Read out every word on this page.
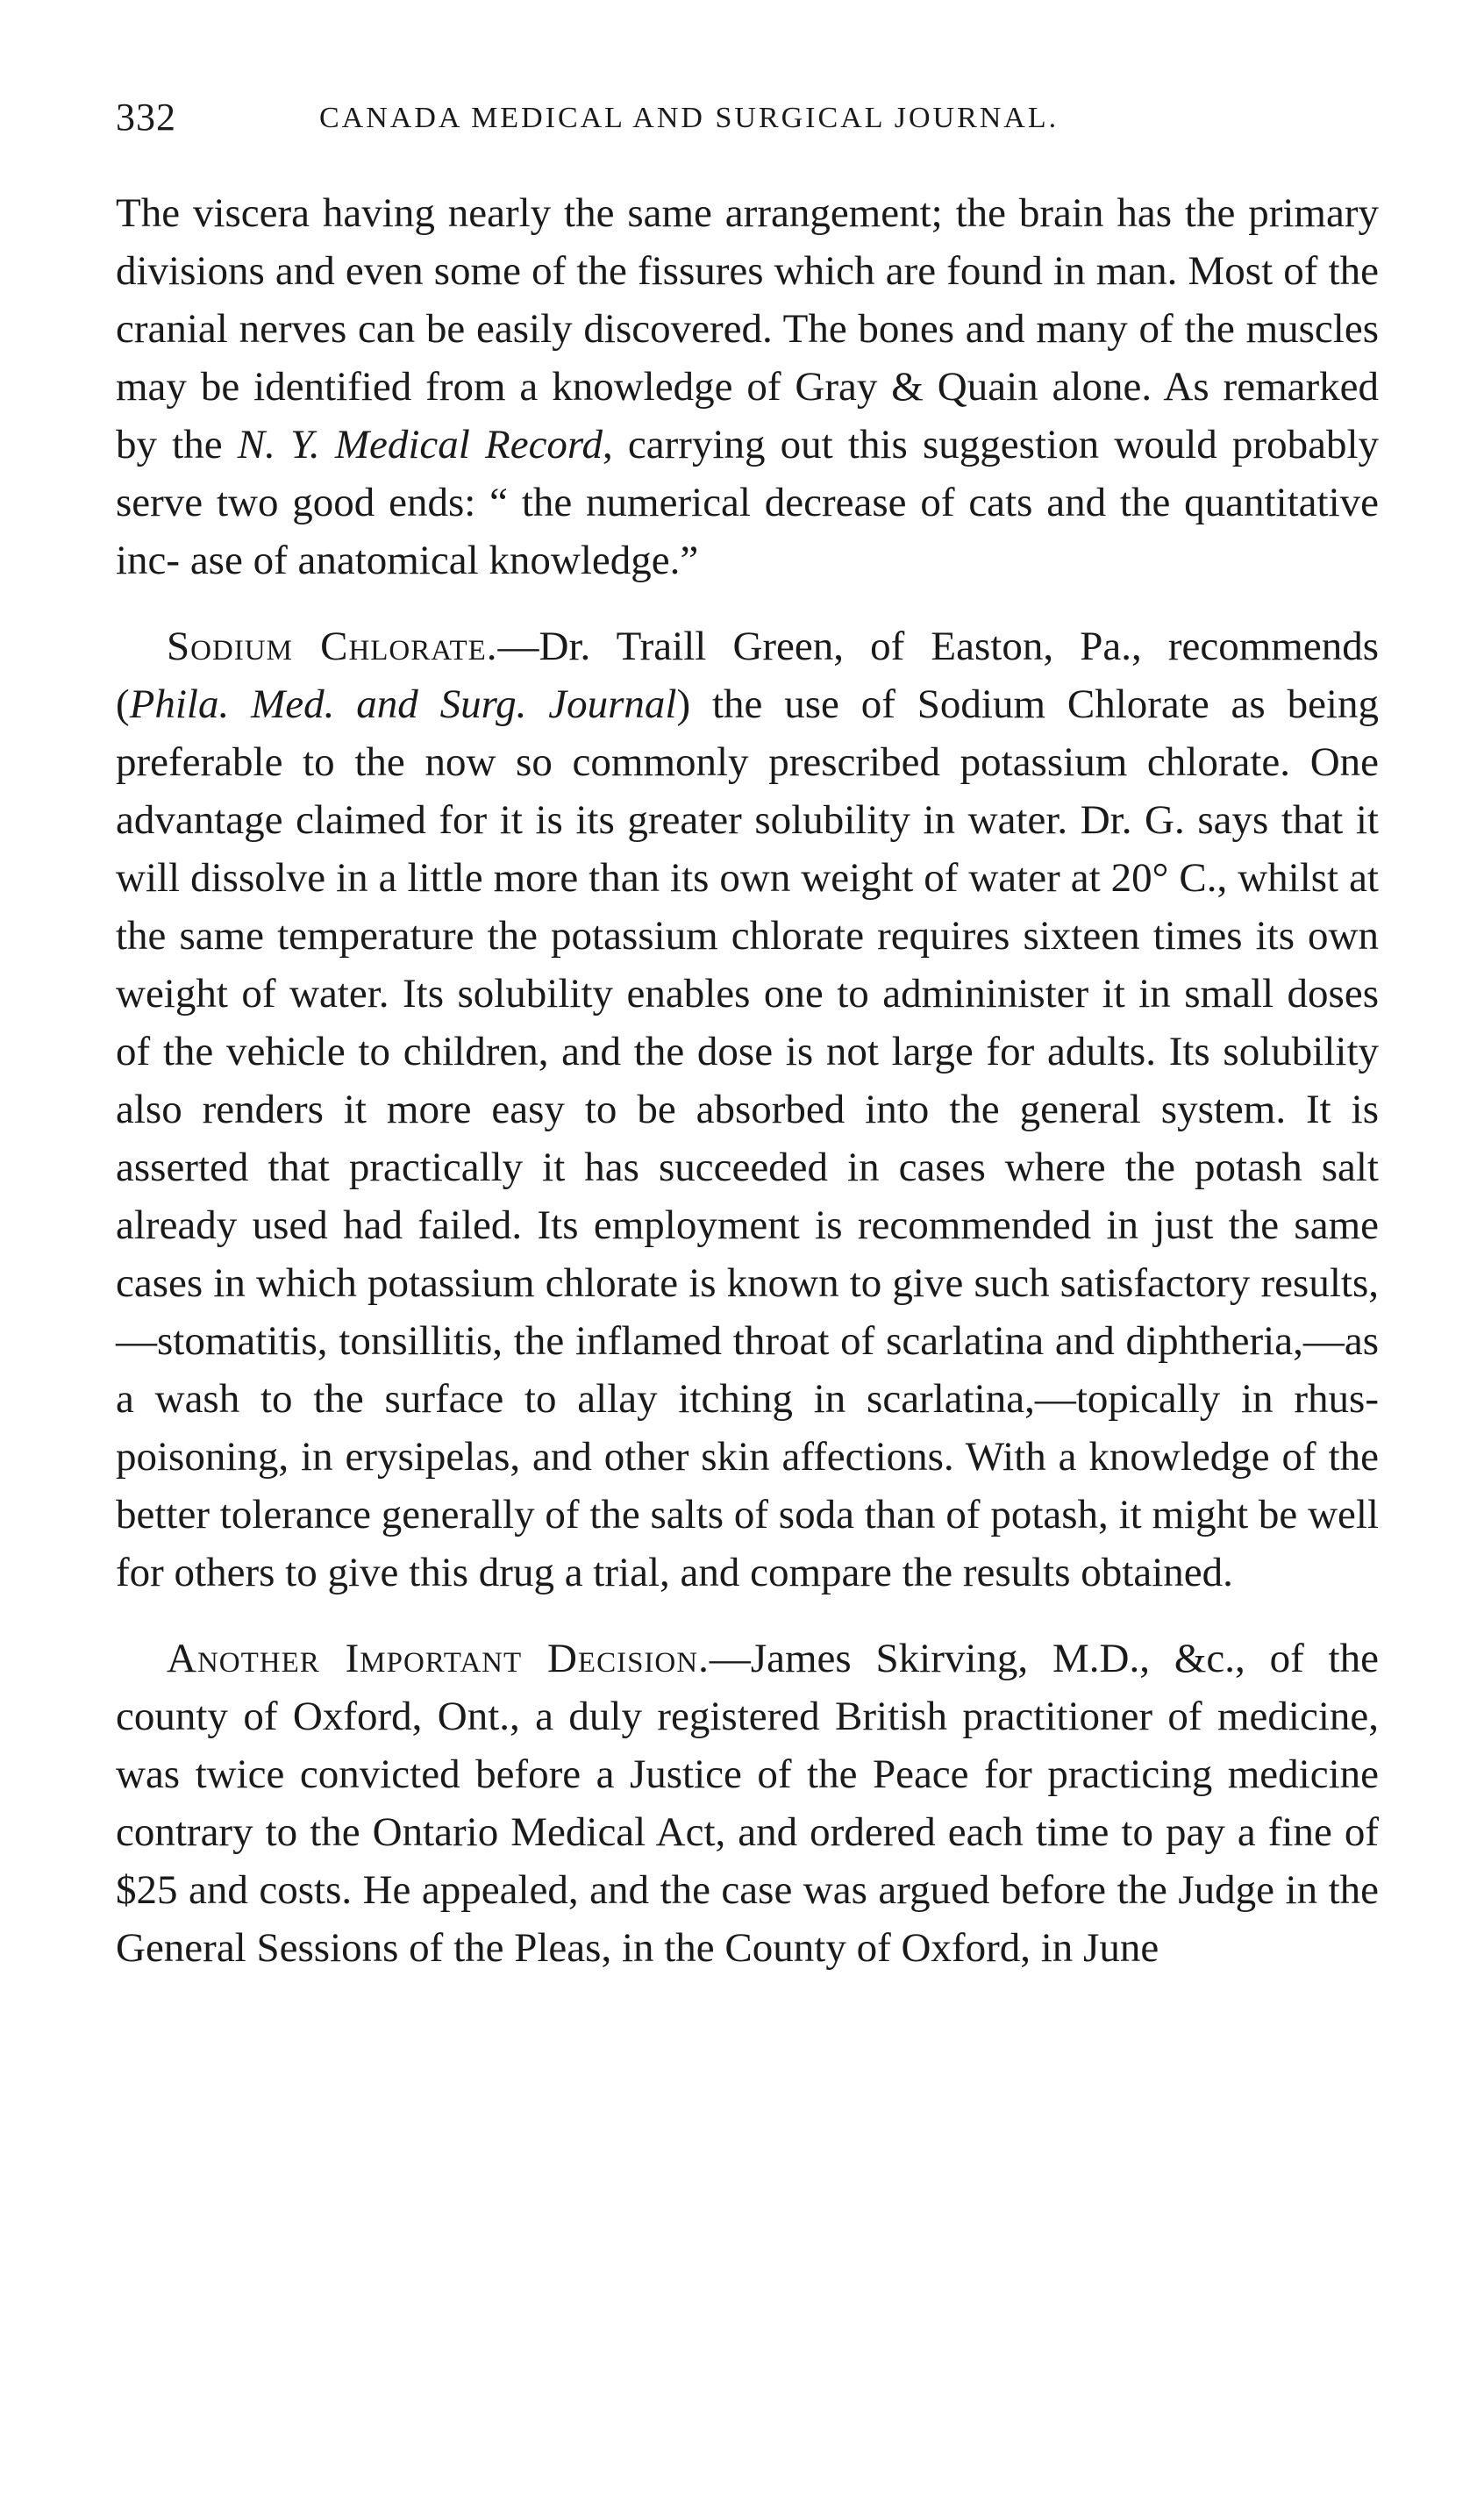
332	CANADA MEDICAL AND SURGICAL JOURNAL.

The viscera having nearly the same arrangement; the brain has the primary divisions and even some of the fissures which are found in man. Most of the cranial nerves can be easily discovered. The bones and many of the muscles may be identified from a knowledge of Gray & Quain alone. As remarked by the N. Y. Medical Record, carrying out this suggestion would probably serve two good ends: “ the numerical decrease of cats and the quantitative inc- ase of anatomical knowledge.”

Sodium Chlorate.—Dr. Traill Green, of Easton, Pa., recommends (Phila. Med. and Surg. Journal) the use of Sodium Chlorate as being preferable to the now so commonly prescribed potassium chlorate. One advantage claimed for it is its greater solubility in water. Dr. G. says that it will dissolve in a little more than its own weight of water at 20° C., whilst at the same temperature the potassium chlorate requires sixteen times its own weight of water. Its solubility enables one to admininister it in small doses of the vehicle to children, and the dose is not large for adults. Its solubility also renders it more easy to be absorbed into the general system. It is asserted that practically it has succeeded in cases where the potash salt already used had failed. Its employment is recommended in just the same cases in which potassium chlorate is known to give such satisfactory results,—stomatitis, tonsillitis, the inflamed throat of scarlatina and diphtheria,—as a wash to the surface to allay itching in scarlatina,—topically in rhus-poisoning, in erysipelas, and other skin affections. With a knowledge of the better tolerance generally of the salts of soda than of potash, it might be well for others to give this drug a trial, and compare the results obtained.

Another Important Decision.—James Skirving, M.D., &c., of the county of Oxford, Ont., a duly registered British practitioner of medicine, was twice convicted before a Justice of the Peace for practicing medicine contrary to the Ontario Medical Act, and ordered each time to pay a fine of $25 and costs. He appealed, and the case was argued before the Judge in the General Sessions of the Pleas, in the County of Oxford, in June
